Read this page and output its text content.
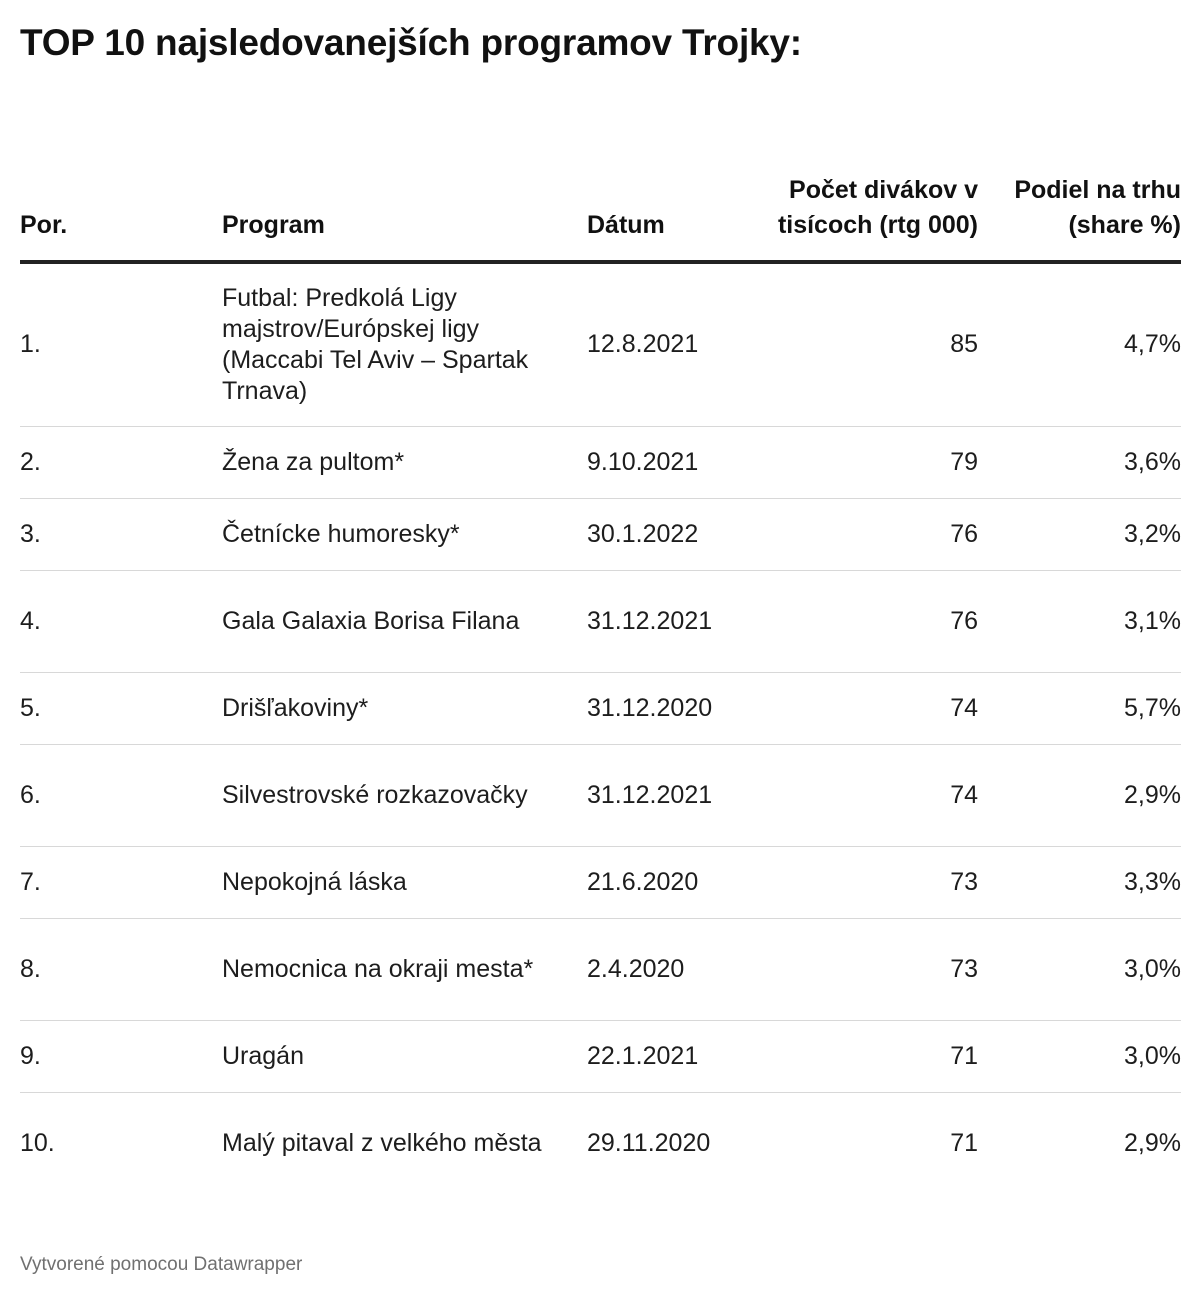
TOP 10 najsledovanejších programov Trojky:
Por.	Program	Dátum	Počet divákov v tisícoch (rtg 000)	Podiel na trhu (share %)
1.	Futbal: Predkolá Ligy majstrov/Európskej ligy (Maccabi Tel Aviv – Spartak Trnava)	12.8.2021	85	4,7%
2.	Žena za pultom*	9.10.2021	79	3,6%
3.	Četnícke humoresky*	30.1.2022	76	3,2%
4.	Gala Galaxia Borisa Filana	31.12.2021	76	3,1%
5.	Drišľakoviny*	31.12.2020	74	5,7%
6.	Silvestrovské rozkazovačky	31.12.2021	74	2,9%
7.	Nepokojná láska	21.6.2020	73	3,3%
8.	Nemocnica na okraji mesta*	2.4.2020	73	3,0%
9.	Uragán	22.1.2021	71	3,0%
10.	Malý pitaval z velkého města	29.11.2020	71	2,9%
Vytvorené pomocou Datawrapper
